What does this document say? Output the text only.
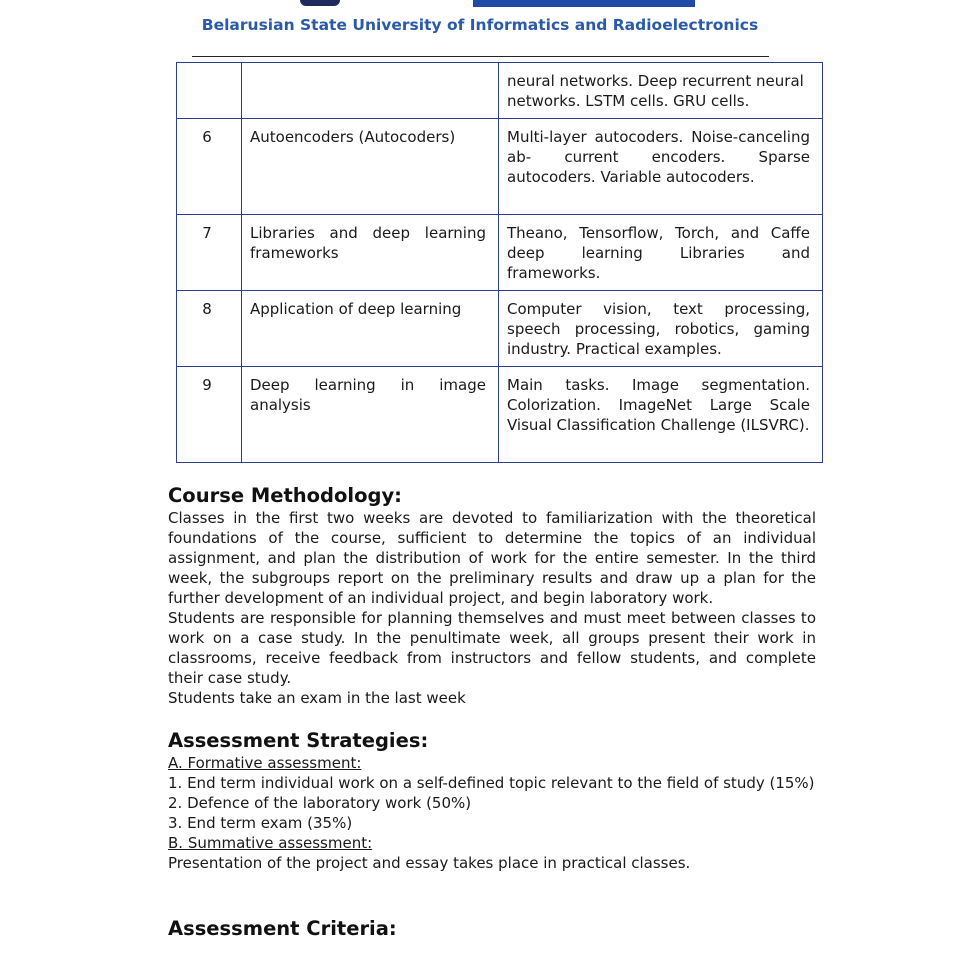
Belarusian State University of Informatics and Radioelectronics
		neural networks. Deep recurrent neural networks. LSTM cells. GRU cells.
6	Autoencoders (Autocoders)	Multi-layer autocoders. Noise-canceling ab- current encoders. Sparse autocoders. Variable autocoders.
7	Libraries and deep learning frameworks	Theano, Tensorflow, Torch, and Caffe deep learning Libraries and frameworks.
8	Application of deep learning	Computer vision, text processing, speech processing, robotics, gaming industry. Practical examples.
9	Deep learning in image analysis	Main tasks. Image segmentation. Colorization. ImageNet Large Scale Visual Classification Challenge (ILSVRC).
Course Methodology:
Classes in the first two weeks are devoted to familiarization with the theoretical foundations of the course, sufficient to determine the topics of an individual assignment, and plan the distribution of work for the entire semester. In the third week, the subgroups report on the preliminary results and draw up a plan for the further development of an individual project, and begin laboratory work.
Students are responsible for planning themselves and must meet between classes to work on a case study. In the penultimate week, all groups present their work in classrooms, receive feedback from instructors and fellow students, and complete their case study.
Students take an exam in the last week
Assessment Strategies:
A. Formative assessment:
1. End term individual work on a self-defined topic relevant to the field of study (15%)
2. Defence of the laboratory work (50%)
3. End term exam (35%)
B. Summative assessment:
Presentation of the project and essay takes place in practical classes.
Assessment Criteria:
